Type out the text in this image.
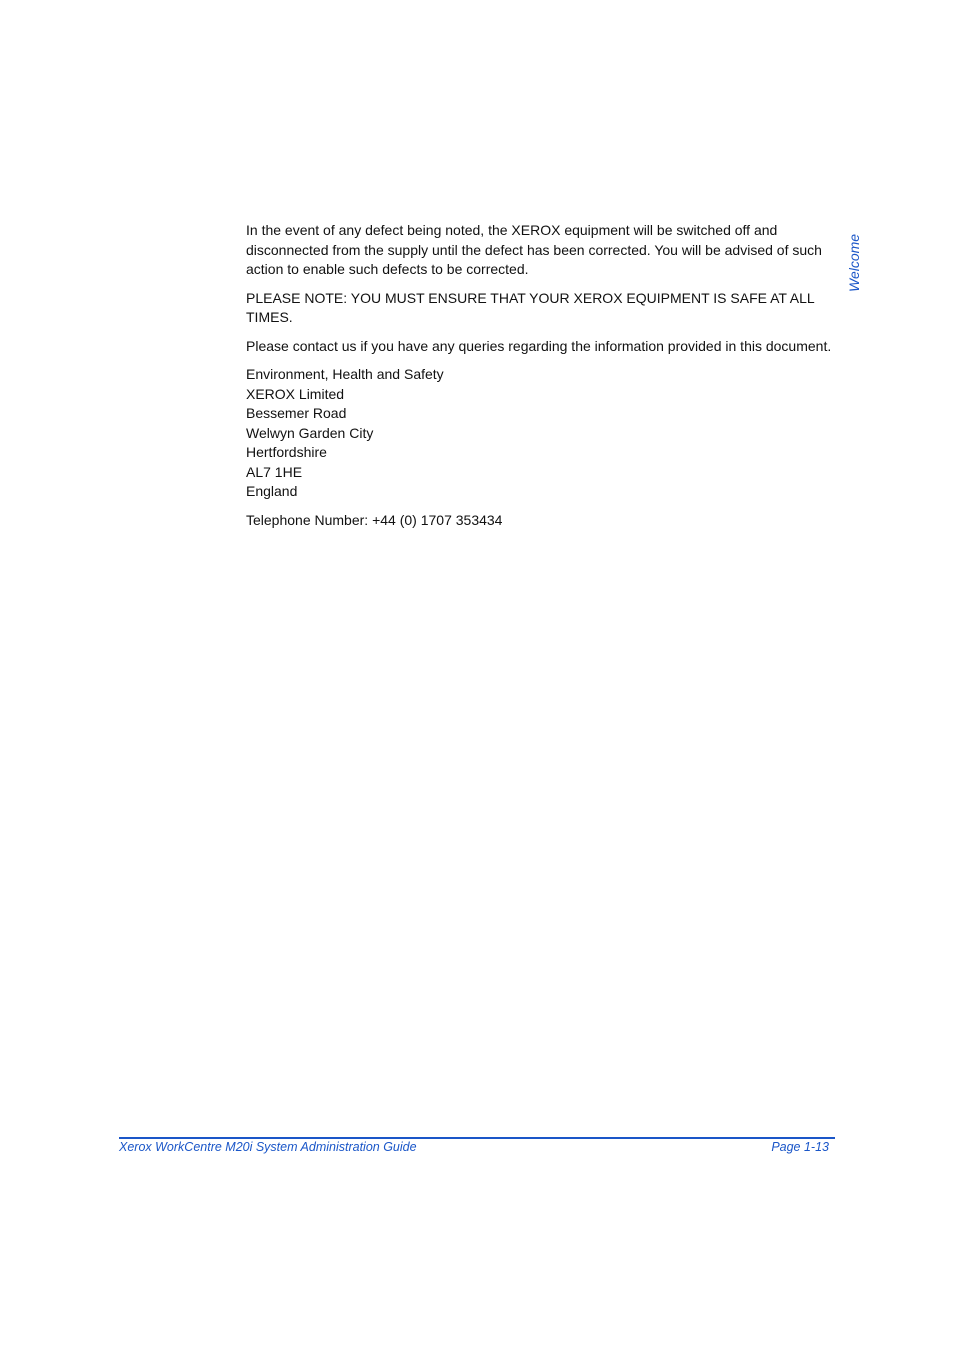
Welcome

In the event of any defect being noted, the XEROX equipment will be switched off and disconnected from the supply until the defect has been corrected. You will be advised of such action to enable such defects to be corrected.

PLEASE NOTE: YOU MUST ENSURE THAT YOUR XEROX EQUIPMENT IS SAFE AT ALL TIMES.

Please contact us if you have any queries regarding the information provided in this document.

Environment, Health and Safety
XEROX Limited
Bessemer Road
Welwyn Garden City
Hertfordshire
AL7 1HE
England

Telephone Number: +44 (0) 1707 353434

Xerox WorkCentre M20i System Administration Guide	Page 1-13
